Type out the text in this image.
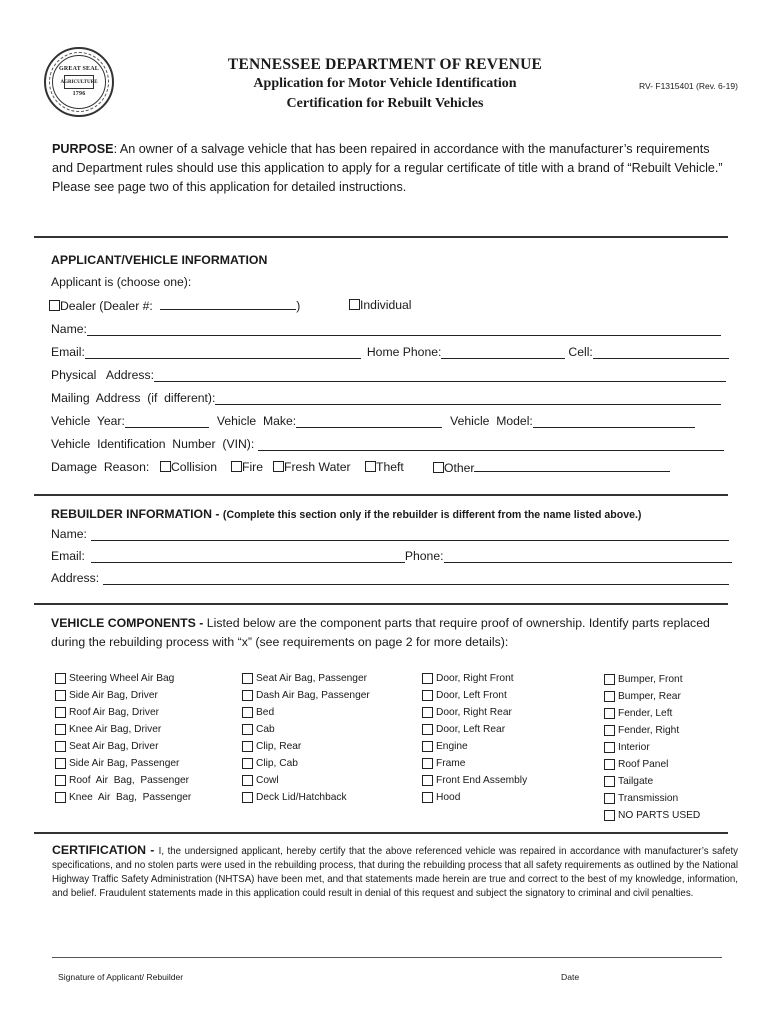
GREAT SEAL
AGRICULTURE
1796
TENNESSEE DEPARTMENT OF REVENUE
Application for Motor Vehicle Identification
Certification for Rebuilt Vehicles
RV- F1315401 (Rev. 6-19)
PURPOSE: An owner of a salvage vehicle that has been repaired in accordance with the manufacturer’s requirements and Department rules should use this application to apply for a regular certificate of title with a brand of “Rebuilt Vehicle.” Please see page two of this application for detailed instructions.
APPLICANT/VEHICLE INFORMATION
Applicant is (choose one):
Dealer (Dealer #:	)	Individual
Name:
Email:	Home Phone:	Cell:
Physical   Address:
Mailing  Address  (if  different):
Vehicle  Year:	Vehicle  Make:	Vehicle  Model:
Vehicle  Identification  Number  (VIN):
Damage  Reason:	Collision	Fire	Fresh Water	Theft	Other
REBUILDER INFORMATION - (Complete this section only if the rebuilder is different from the name listed above.)
Name:
Email:	Phone:
Address:
VEHICLE COMPONENTS - Listed below are the component parts that require proof of ownership. Identify parts replaced during the rebuilding process with “x” (see requirements on page 2 for more details):
Steering Wheel Air Bag
Side Air Bag, Driver
Roof Air Bag, Driver
Knee Air Bag, Driver
Seat Air Bag, Driver
Side Air Bag, Passenger
Roof  Air  Bag,  Passenger
Knee  Air  Bag,  Passenger
Seat Air Bag, Passenger
Dash Air Bag, Passenger
Bed
Cab
Clip, Rear
Clip, Cab
Cowl
Deck Lid/Hatchback
Door, Right Front
Door, Left Front
Door, Right Rear
Door, Left Rear
Engine
Frame
Front End Assembly
Hood
Bumper, Front
Bumper, Rear
Fender, Left
Fender, Right
Interior
Roof Panel
Tailgate
Transmission
NO PARTS USED
CERTIFICATION - I, the undersigned applicant, hereby certify that the above referenced vehicle was repaired in accordance with manufacturer’s safety specifications, and no stolen parts were used in the rebuilding process, that during the rebuilding process that all safety requirements as outlined by the National Highway Traffic Safety Administration (NHTSA) have been met, and that statements made herein are true and correct to the best of my knowledge, information, and belief. Fraudulent statements made in this application could result in denial of this request and subject the signatory to criminal and civil penalties.
Signature of Applicant/ Rebuilder	Date
